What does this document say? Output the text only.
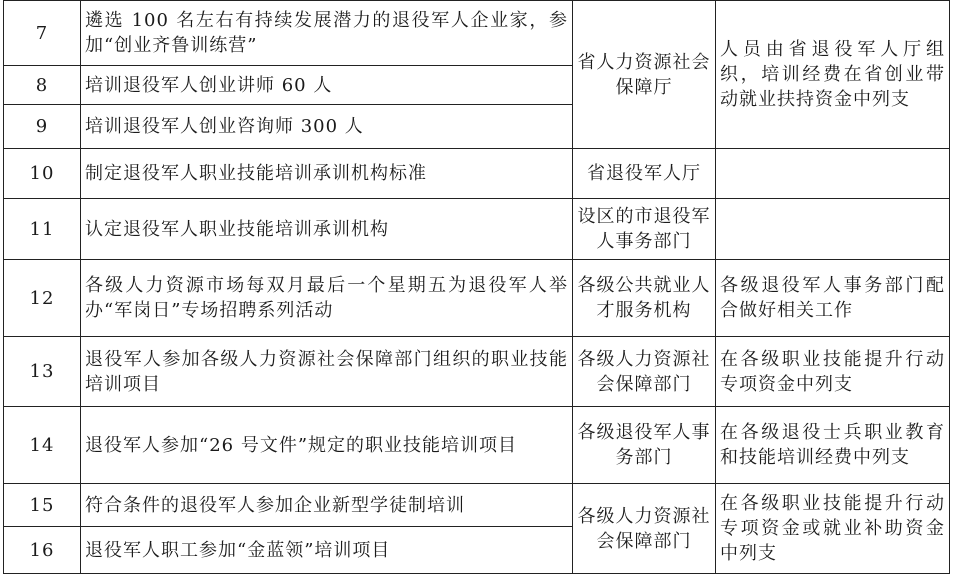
7	遴选 100 名左右有持续发展潜力的退役军人企业家，参加“创业齐鲁训练营”	省人力资源社会保障厅	人员由省退役军人厅组织，培训经费在省创业带动就业扶持资金中列支
8	培训退役军人创业讲师 60 人		
9	培训退役军人创业咨询师 300 人		
10	制定退役军人职业技能培训承训机构标准	省退役军人厅	
11	认定退役军人职业技能培训承训机构	设区的市退役军人事务部门	
12	各级人力资源市场每双月最后一个星期五为退役军人举办“军岗日”专场招聘系列活动	各级公共就业人才服务机构	各级退役军人事务部门配合做好相关工作
13	退役军人参加各级人力资源社会保障部门组织的职业技能培训项目	各级人力资源社会保障部门	在各级职业技能提升行动专项资金中列支
14	退役军人参加“26 号文件”规定的职业技能培训项目	各级退役军人事务部门	在各级退役士兵职业教育和技能培训经费中列支
15	符合条件的退役军人参加企业新型学徒制培训	各级人力资源社会保障部门	在各级职业技能提升行动专项资金或就业补助资金中列支
16	退役军人职工参加“金蓝领”培训项目		
